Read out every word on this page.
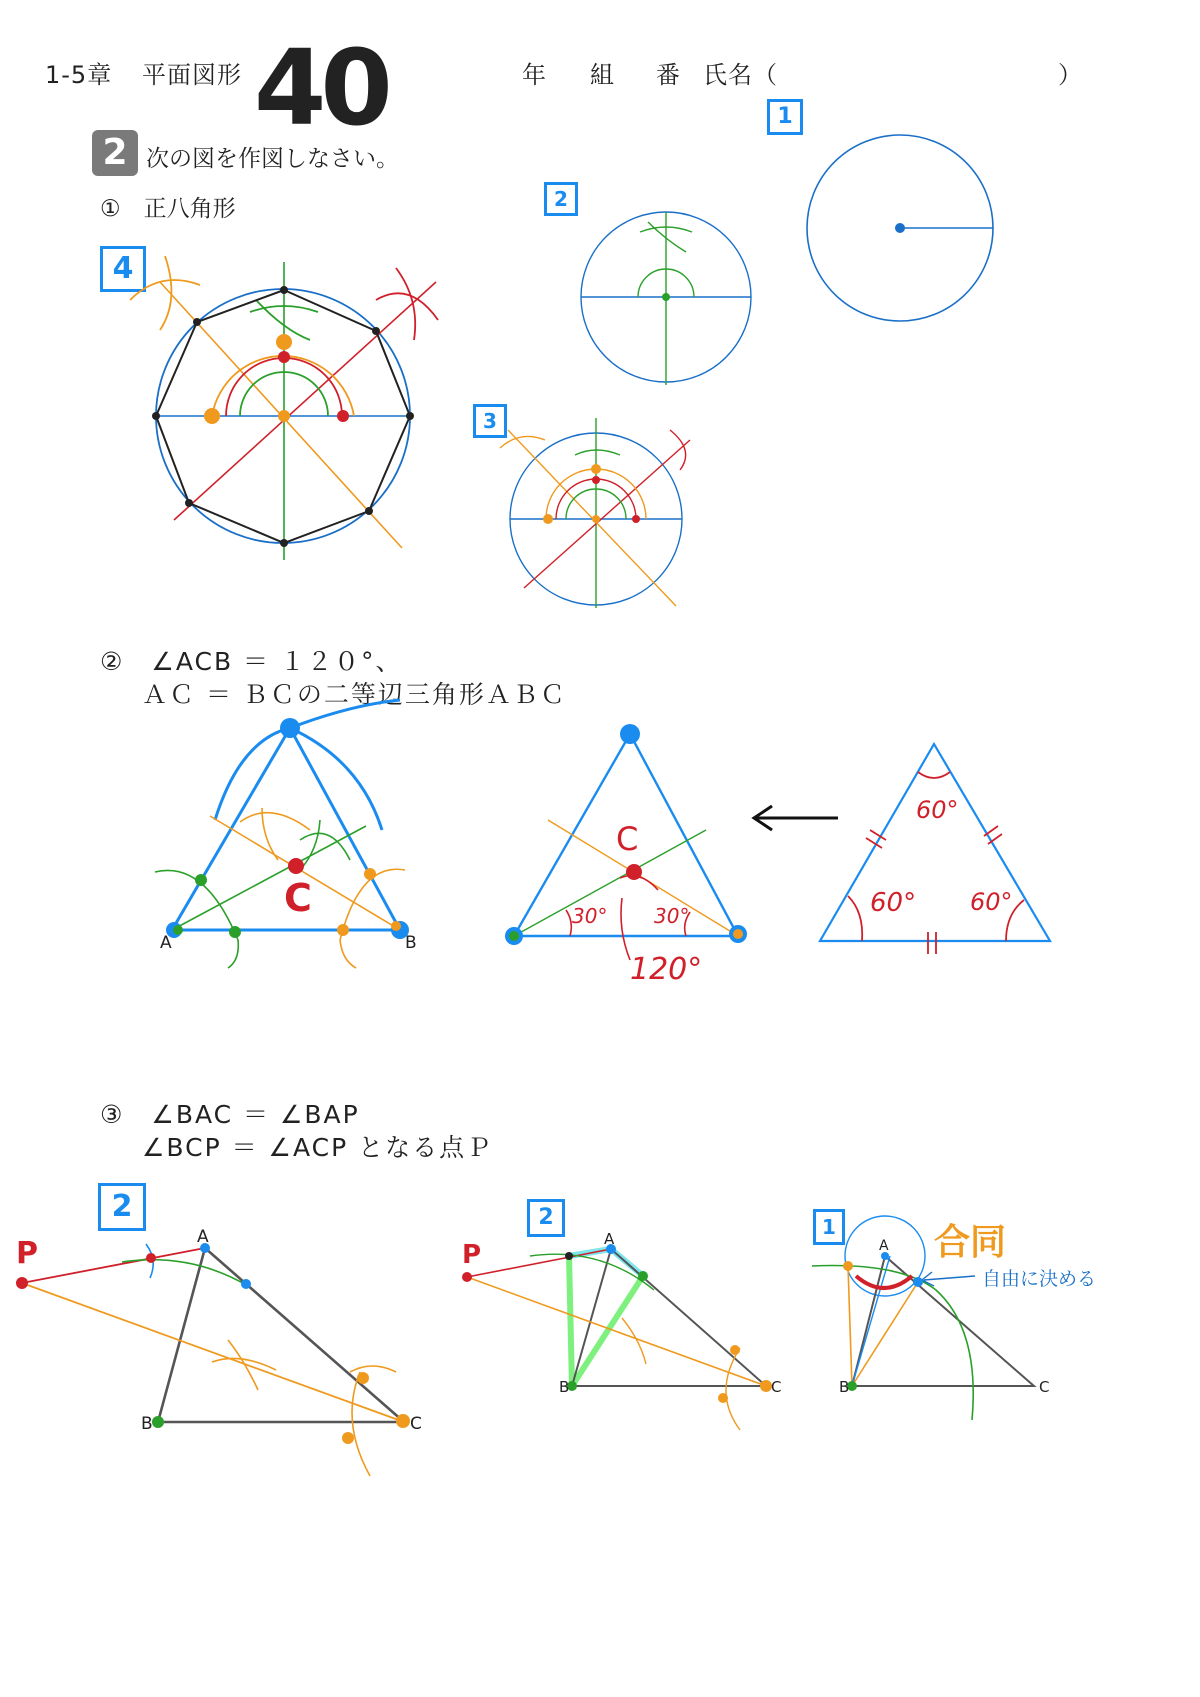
1-5章 平面図形 40	年 組 番 氏名（	）
2 次の図を作図しなさい。
①　正八角形
1
2
3
4
②　∠ACB ＝ １２０°、
ＡＣ ＝ ＢＣの二等辺三角形ＡＢＣ
③　∠BAC ＝ ∠BAP
∠BCP ＝ ∠ACP となる点Ｐ
2	2	1
C
A	B
C
30° 30°
120°
60°
60° 60°
P	A
B	C
P
A
B	C
合同
自由に決める
A
B	C
